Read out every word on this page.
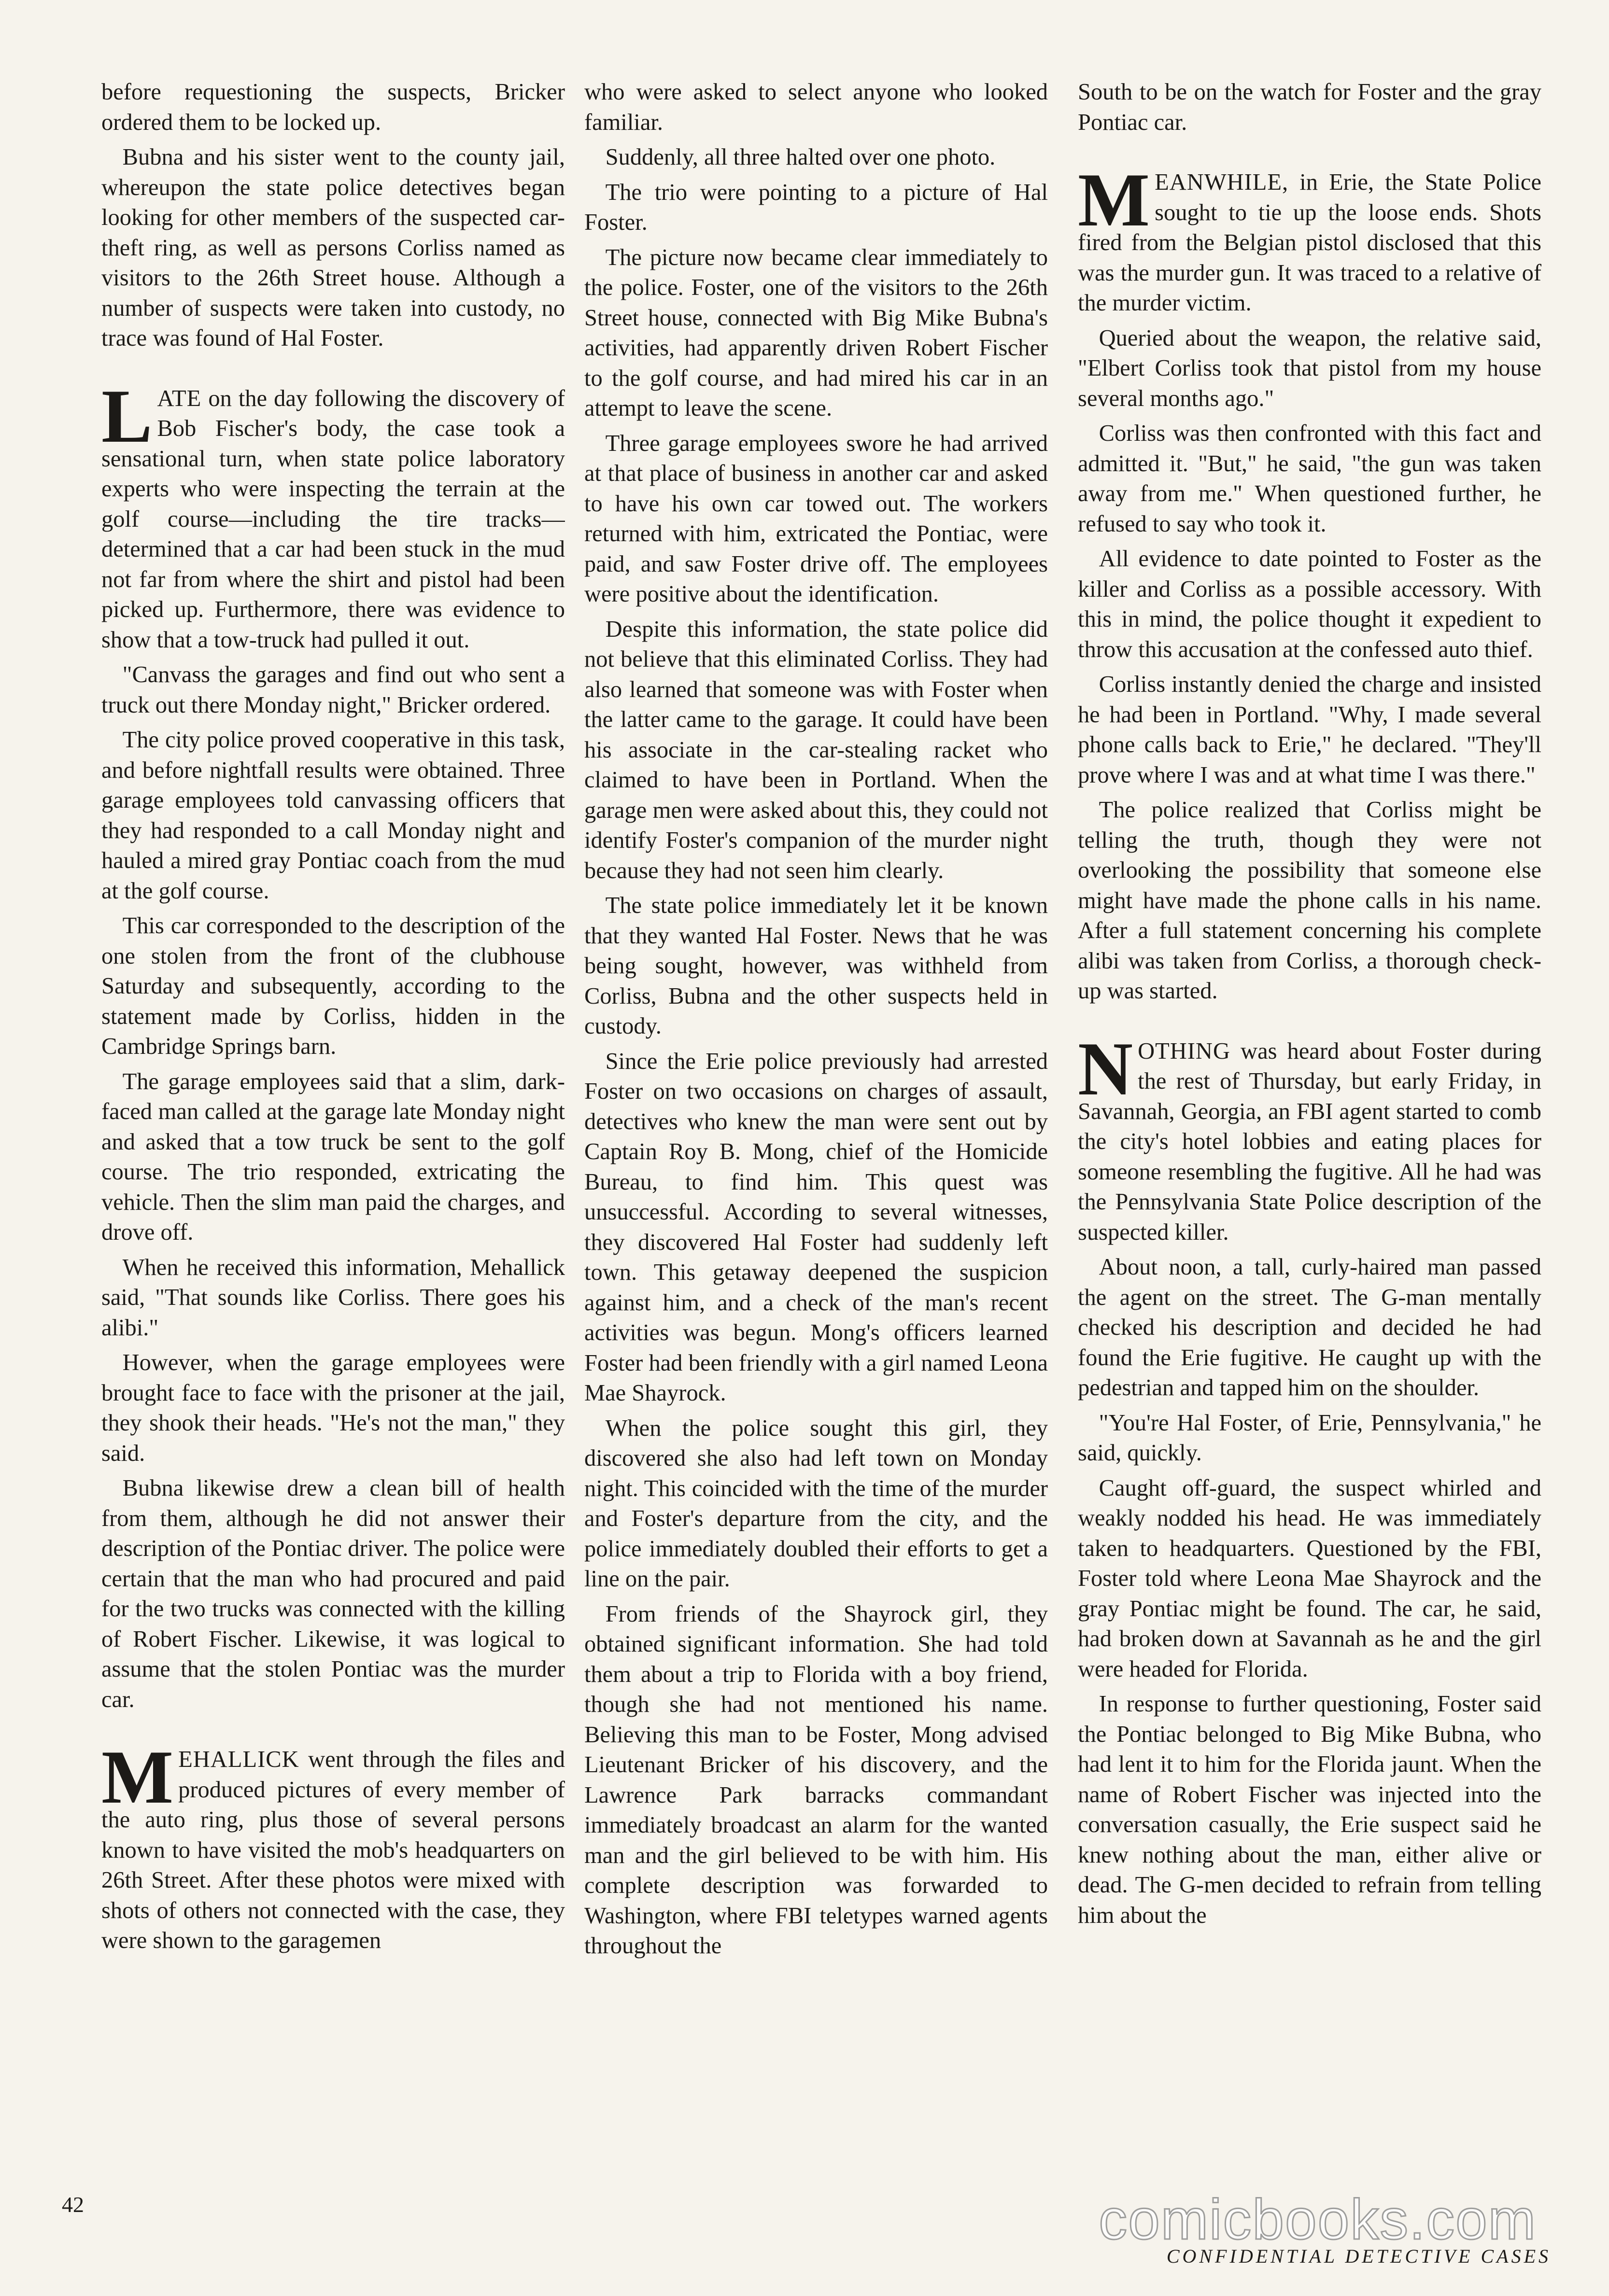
before requestioning the suspects, Bricker ordered them to be locked up.

Bubna and his sister went to the county jail, whereupon the state police detectives began looking for other members of the suspected car-theft ring, as well as persons Corliss named as visitors to the 26th Street house. Although a number of suspects were taken into custody, no trace was found of Hal Foster.

LATE on the day following the discovery of Bob Fischer's body, the case took a sensational turn, when state police laboratory experts who were inspecting the terrain at the golf course—including the tire tracks—determined that a car had been stuck in the mud not far from where the shirt and pistol had been picked up. Furthermore, there was evidence to show that a tow-truck had pulled it out.

"Canvass the garages and find out who sent a truck out there Monday night," Bricker ordered.

The city police proved cooperative in this task, and before nightfall results were obtained. Three garage employees told canvassing officers that they had responded to a call Monday night and hauled a mired gray Pontiac coach from the mud at the golf course.

This car corresponded to the description of the one stolen from the front of the clubhouse Saturday and subsequently, according to the statement made by Corliss, hidden in the Cambridge Springs barn.

The garage employees said that a slim, dark-faced man called at the garage late Monday night and asked that a tow truck be sent to the golf course. The trio responded, extricating the vehicle. Then the slim man paid the charges, and drove off.

When he received this information, Mehallick said, "That sounds like Corliss. There goes his alibi."

However, when the garage employees were brought face to face with the prisoner at the jail, they shook their heads. "He's not the man," they said.

Bubna likewise drew a clean bill of health from them, although he did not answer their description of the Pontiac driver. The police were certain that the man who had procured and paid for the two trucks was connected with the killing of Robert Fischer. Likewise, it was logical to assume that the stolen Pontiac was the murder car.

MEHALLICK went through the files and produced pictures of every member of the auto ring, plus those of several persons known to have visited the mob's headquarters on 26th Street. After these photos were mixed with shots of others not connected with the case, they were shown to the garagemen

who were asked to select anyone who looked familiar.

Suddenly, all three halted over one photo.

The trio were pointing to a picture of Hal Foster.

The picture now became clear immediately to the police. Foster, one of the visitors to the 26th Street house, connected with Big Mike Bubna's activities, had apparently driven Robert Fischer to the golf course, and had mired his car in an attempt to leave the scene.

Three garage employees swore he had arrived at that place of business in another car and asked to have his own car towed out. The workers returned with him, extricated the Pontiac, were paid, and saw Foster drive off. The employees were positive about the identification.

Despite this information, the state police did not believe that this eliminated Corliss. They had also learned that someone was with Foster when the latter came to the garage. It could have been his associate in the car-stealing racket who claimed to have been in Portland. When the garage men were asked about this, they could not identify Foster's companion of the murder night because they had not seen him clearly.

The state police immediately let it be known that they wanted Hal Foster. News that he was being sought, however, was withheld from Corliss, Bubna and the other suspects held in custody.

Since the Erie police previously had arrested Foster on two occasions on charges of assault, detectives who knew the man were sent out by Captain Roy B. Mong, chief of the Homicide Bureau, to find him. This quest was unsuccessful. According to several witnesses, they discovered Hal Foster had suddenly left town. This getaway deepened the suspicion against him, and a check of the man's recent activities was begun. Mong's officers learned Foster had been friendly with a girl named Leona Mae Shayrock.

When the police sought this girl, they discovered she also had left town on Monday night. This coincided with the time of the murder and Foster's departure from the city, and the police immediately doubled their efforts to get a line on the pair.

From friends of the Shayrock girl, they obtained significant information. She had told them about a trip to Florida with a boy friend, though she had not mentioned his name. Believing this man to be Foster, Mong advised Lieutenant Bricker of his discovery, and the Lawrence Park barracks commandant immediately broadcast an alarm for the wanted man and the girl believed to be with him. His complete description was forwarded to Washington, where FBI teletypes warned agents throughout the

South to be on the watch for Foster and the gray Pontiac car.

MEANWHILE, in Erie, the State Police sought to tie up the loose ends. Shots fired from the Belgian pistol disclosed that this was the murder gun. It was traced to a relative of the murder victim.

Queried about the weapon, the relative said, "Elbert Corliss took that pistol from my house several months ago."

Corliss was then confronted with this fact and admitted it. "But," he said, "the gun was taken away from me." When questioned further, he refused to say who took it.

All evidence to date pointed to Foster as the killer and Corliss as a possible accessory. With this in mind, the police thought it expedient to throw this accusation at the confessed auto thief.

Corliss instantly denied the charge and insisted he had been in Portland. "Why, I made several phone calls back to Erie," he declared. "They'll prove where I was and at what time I was there."

The police realized that Corliss might be telling the truth, though they were not overlooking the possibility that someone else might have made the phone calls in his name. After a full statement concerning his complete alibi was taken from Corliss, a thorough check-up was started.

NOTHING was heard about Foster during the rest of Thursday, but early Friday, in Savannah, Georgia, an FBI agent started to comb the city's hotel lobbies and eating places for someone resembling the fugitive. All he had was the Pennsylvania State Police description of the suspected killer.

About noon, a tall, curly-haired man passed the agent on the street. The G-man mentally checked his description and decided he had found the Erie fugitive. He caught up with the pedestrian and tapped him on the shoulder.

"You're Hal Foster, of Erie, Pennsylvania," he said, quickly.

Caught off-guard, the suspect whirled and weakly nodded his head. He was immediately taken to headquarters. Questioned by the FBI, Foster told where Leona Mae Shayrock and the gray Pontiac might be found. The car, he said, had broken down at Savannah as he and the girl were headed for Florida.

In response to further questioning, Foster said the Pontiac belonged to Big Mike Bubna, who had lent it to him for the Florida jaunt. When the name of Robert Fischer was injected into the conversation casually, the Erie suspect said he knew nothing about the man, either alive or dead. The G-men decided to refrain from telling him about the

42	comicbooks.com
CONFIDENTIAL DETECTIVE CASES
